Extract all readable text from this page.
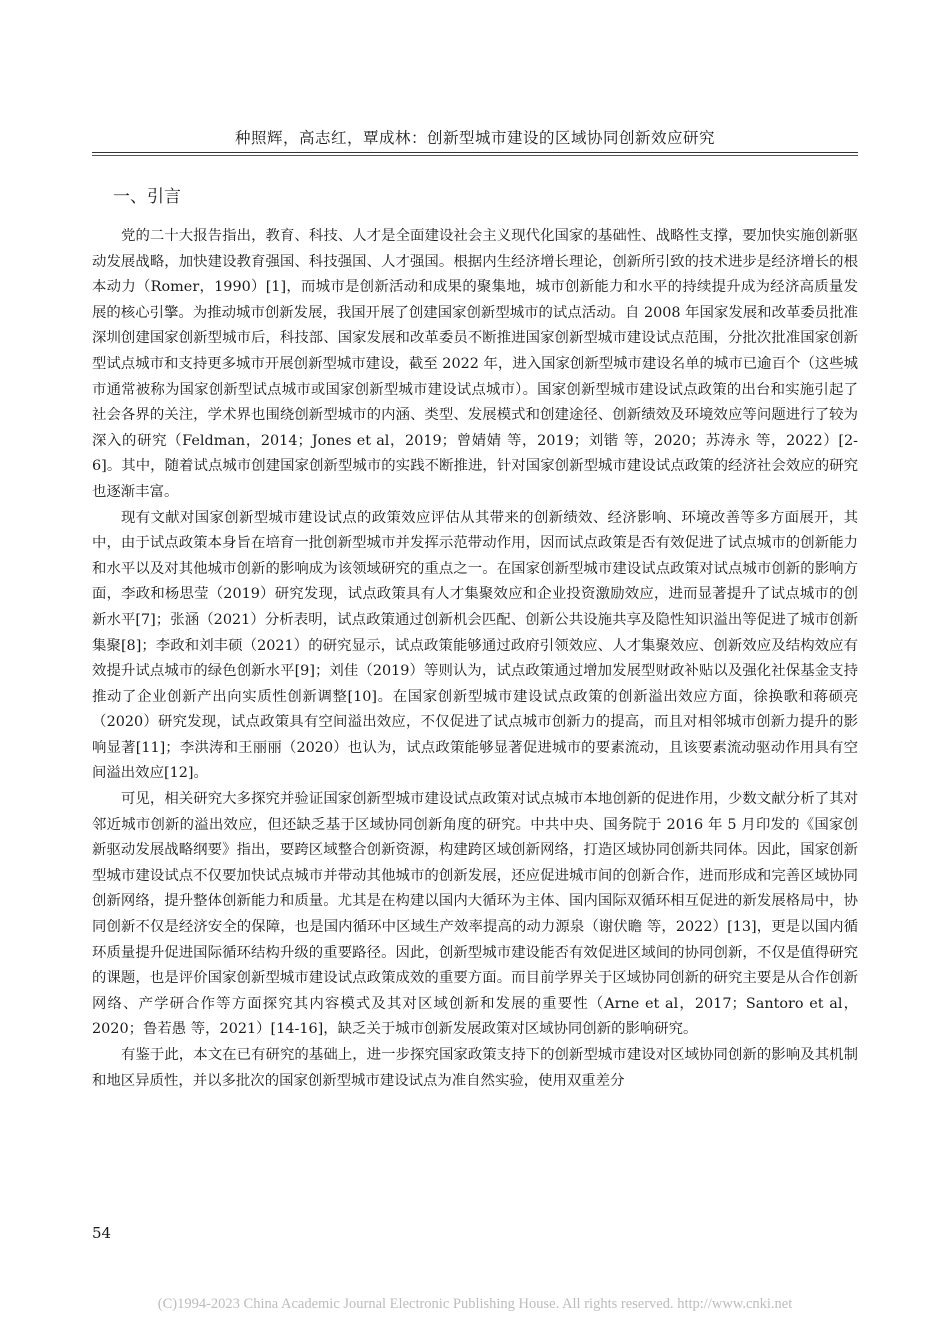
种照辉，高志红，覃成林：创新型城市建设的区域协同创新效应研究
一、引言

党的二十大报告指出，教育、科技、人才是全面建设社会主义现代化国家的基础性、战略性支撑，要加快实施创新驱动发展战略，加快建设教育强国、科技强国、人才强国。根据内生经济增长理论，创新所引致的技术进步是经济增长的根本动力（Romer，1990）[1]，而城市是创新活动和成果的聚集地，城市创新能力和水平的持续提升成为经济高质量发展的核心引擎。为推动城市创新发展，我国开展了创建国家创新型城市的试点活动。自 2008 年国家发展和改革委员批准深圳创建国家创新型城市后，科技部、国家发展和改革委员不断推进国家创新型城市建设试点范围，分批次批准国家创新型试点城市和支持更多城市开展创新型城市建设，截至 2022 年，进入国家创新型城市建设名单的城市已逾百个（这些城市通常被称为国家创新型试点城市或国家创新型城市建设试点城市）。国家创新型城市建设试点政策的出台和实施引起了社会各界的关注，学术界也围绕创新型城市的内涵、类型、发展模式和创建途径、创新绩效及环境效应等问题进行了较为深入的研究（Feldman，2014；Jones et al，2019；曾婧婧 等，2019；刘锴 等，2020；苏涛永 等，2022）[2-6]。其中，随着试点城市创建国家创新型城市的实践不断推进，针对国家创新型城市建设试点政策的经济社会效应的研究也逐渐丰富。

现有文献对国家创新型城市建设试点的政策效应评估从其带来的创新绩效、经济影响、环境改善等多方面展开，其中，由于试点政策本身旨在培育一批创新型城市并发挥示范带动作用，因而试点政策是否有效促进了试点城市的创新能力和水平以及对其他城市创新的影响成为该领域研究的重点之一。在国家创新型城市建设试点政策对试点城市创新的影响方面，李政和杨思莹（2019）研究发现，试点政策具有人才集聚效应和企业投资激励效应，进而显著提升了试点城市的创新水平[7]；张涵（2021）分析表明，试点政策通过创新机会匹配、创新公共设施共享及隐性知识溢出等促进了城市创新集聚[8]；李政和刘丰硕（2021）的研究显示，试点政策能够通过政府引领效应、人才集聚效应、创新效应及结构效应有效提升试点城市的绿色创新水平[9]；刘佳（2019）等则认为，试点政策通过增加发展型财政补贴以及强化社保基金支持推动了企业创新产出向实质性创新调整[10]。在国家创新型城市建设试点政策的创新溢出效应方面，徐换歌和蒋硕亮（2020）研究发现，试点政策具有空间溢出效应，不仅促进了试点城市创新力的提高，而且对相邻城市创新力提升的影响显著[11]；李洪涛和王丽丽（2020）也认为，试点政策能够显著促进城市的要素流动，且该要素流动驱动作用具有空间溢出效应[12]。

可见，相关研究大多探究并验证国家创新型城市建设试点政策对试点城市本地创新的促进作用，少数文献分析了其对邻近城市创新的溢出效应，但还缺乏基于区域协同创新角度的研究。中共中央、国务院于 2016 年 5 月印发的《国家创新驱动发展战略纲要》指出，要跨区域整合创新资源，构建跨区域创新网络，打造区域协同创新共同体。因此，国家创新型城市建设试点不仅要加快试点城市并带动其他城市的创新发展，还应促进城市间的创新合作，进而形成和完善区域协同创新网络，提升整体创新能力和质量。尤其是在构建以国内大循环为主体、国内国际双循环相互促进的新发展格局中，协同创新不仅是经济安全的保障，也是国内循环中区域生产效率提高的动力源泉（谢伏瞻 等，2022）[13]，更是以国内循环质量提升促进国际循环结构升级的重要路径。因此，创新型城市建设能否有效促进区域间的协同创新，不仅是值得研究的课题，也是评价国家创新型城市建设试点政策成效的重要方面。而目前学界关于区域协同创新的研究主要是从合作创新网络、产学研合作等方面探究其内容模式及其对区域创新和发展的重要性（Arne et al，2017；Santoro et al，2020；鲁若愚 等，2021）[14-16]，缺乏关于城市创新发展政策对区域协同创新的影响研究。

有鉴于此，本文在已有研究的基础上，进一步探究国家政策支持下的创新型城市建设对区域协同创新的影响及其机制和地区异质性，并以多批次的国家创新型城市建设试点为准自然实验，使用双重差分

54
(C)1994-2023 China Academic Journal Electronic Publishing House. All rights reserved. http://www.cnki.net
